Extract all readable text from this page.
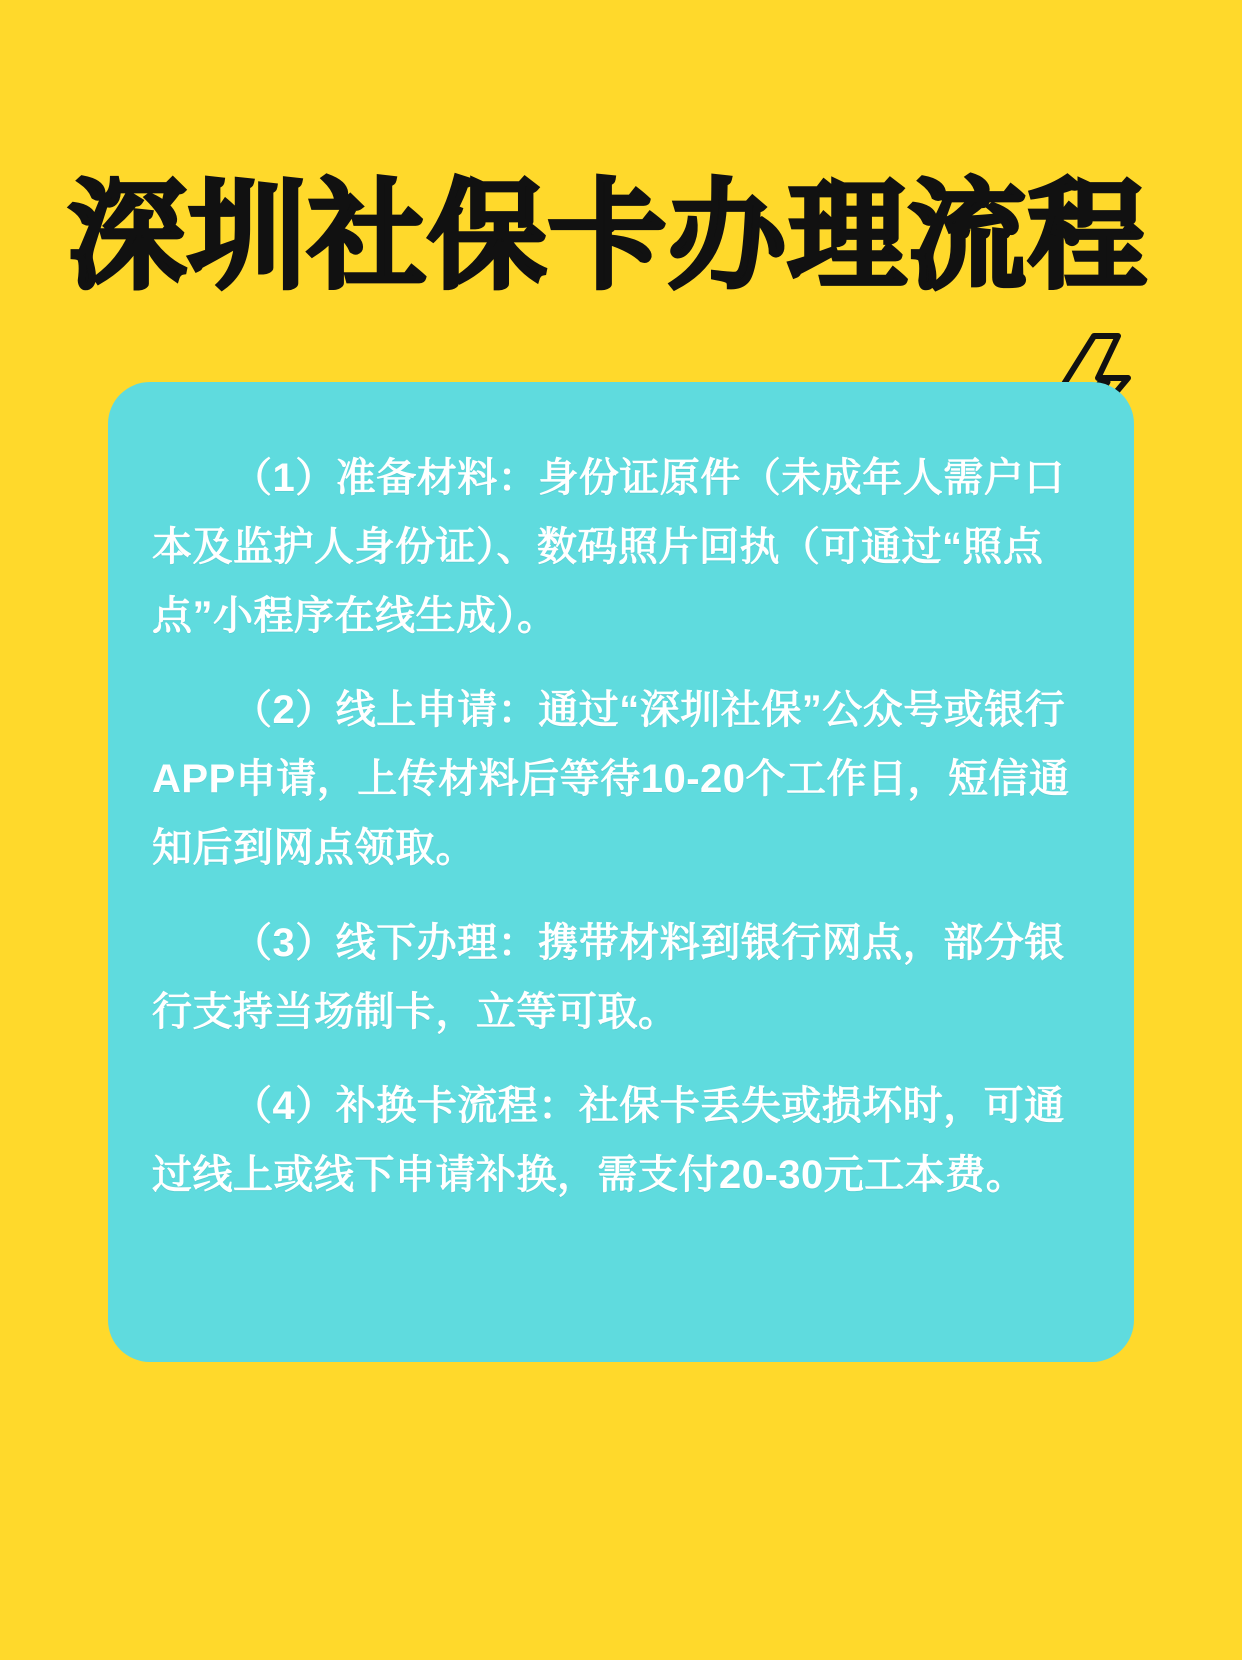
深圳社保卡办理流程

（1）准备材料：身份证原件（未成年人需户口本及监护人身份证）、数码照片回执（可通过“照点点”小程序在线生成）。

（2）线上申请：通过“深圳社保”公众号或银行APP申请，上传材料后等待10-20个工作日，短信通知后到网点领取。

（3）线下办理：携带材料到银行网点，部分银行支持当场制卡，立等可取。

（4）补换卡流程：社保卡丢失或损坏时，可通过线上或线下申请补换，需支付20-30元工本费。
